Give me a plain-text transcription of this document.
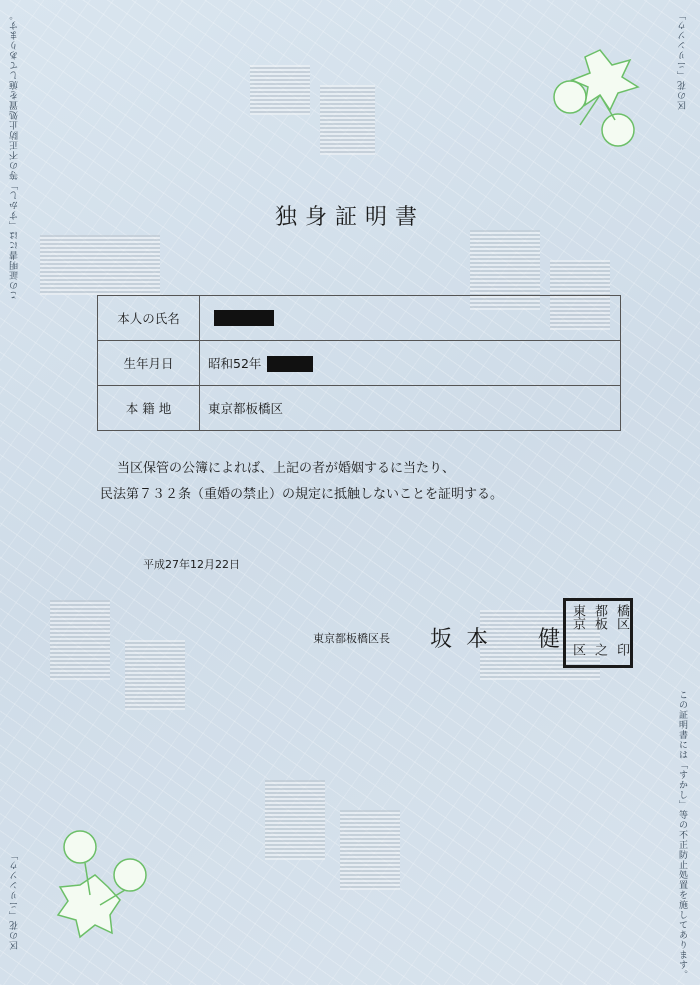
この証明書には「すかし」等の不正防止処置を施してあります。	区の花「ニリンソウ」
区の花「ニリンソウ」	この証明書には「すかし」等の不正防止処置を施してあります。
独身証明書
本人の氏名	
生年月日	昭和52年
本 籍 地	東京都板橋区
当区保管の公簿によれば、上記の者が婚姻するに当たり、
民法第７３２条（重婚の禁止）の規定に抵触しないことを証明する。
平成27年12月22日
東京都板橋区長 坂本　健
東京 都板 橋区
区 之 印
